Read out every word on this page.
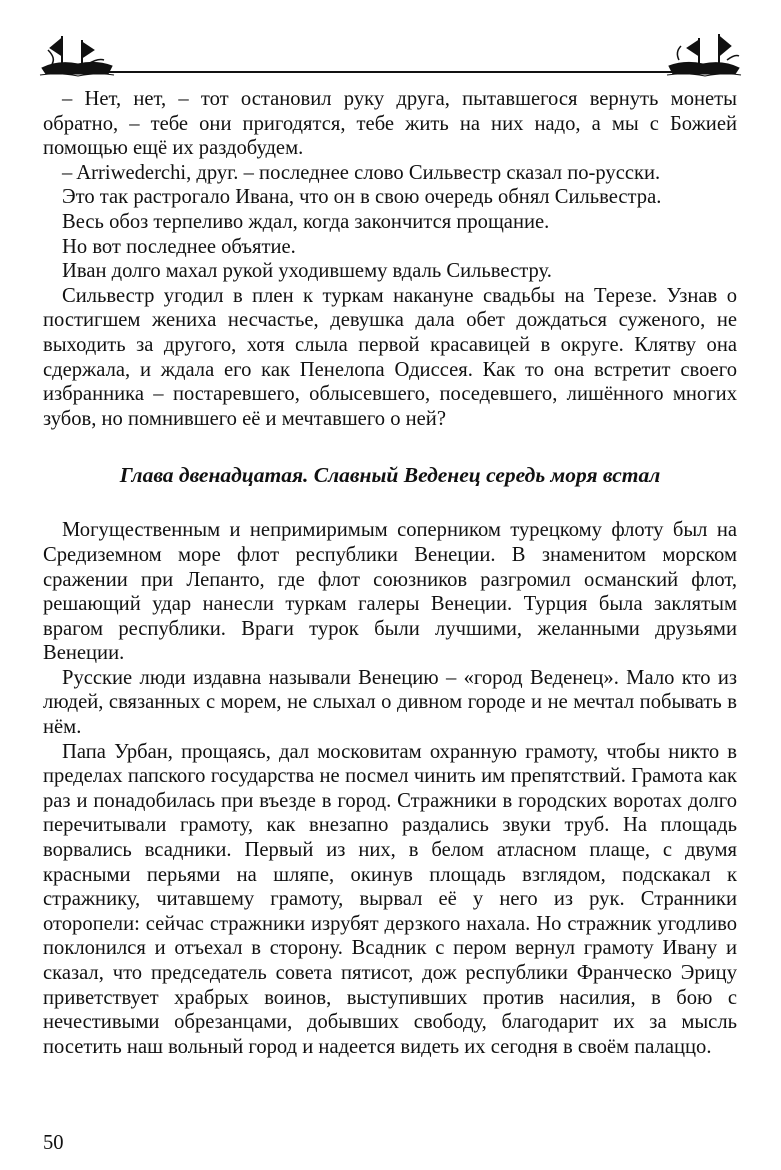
– Нет, нет, – тот остановил руку друга, пытавшегося вернуть монеты обратно, – тебе они пригодятся, тебе жить на них надо, а мы с Божией помощью ещё их раздобудем.

– Arriwederchi, друг. – последнее слово Сильвестр сказал по-русски.

Это так растрогало Ивана, что он в свою очередь обнял Сильвестра.

Весь обоз терпеливо ждал, когда закончится прощание.

Но вот последнее объятие.

Иван долго махал рукой уходившему вдаль Сильвестру.

Сильвестр угодил в плен к туркам накануне свадьбы на Терезе. Узнав о постигшем жениха несчастье, девушка дала обет дождаться суженого, не выходить за другого, хотя слыла первой красавицей в округе. Клятву она сдержала, и ждала его как Пенелопа Одиссея. Как то она встретит своего избранника – постаревшего, облысевшего, поседевшего, лишённого многих зубов, но помнившего её и мечтавшего о ней?

Глава двенадцатая. Славный Веденец середь моря встал

Могущественным и непримиримым соперником турецкому флоту был на Средиземном море флот республики Венеции. В знаменитом морском сражении при Лепанто, где флот союзников разгромил османский флот, решающий удар нанесли туркам галеры Венеции. Турция была заклятым врагом республики. Враги турок были лучшими, желанными друзьями Венеции.

Русские люди издавна называли Венецию – «город Веденец». Мало кто из людей, связанных с морем, не слыхал о дивном городе и не мечтал побывать в нём.

Папа Урбан, прощаясь, дал московитам охранную грамоту, чтобы никто в пределах папского государства не посмел чинить им препятствий. Грамота как раз и понадобилась при въезде в город. Стражники в городских воротах долго перечитывали грамоту, как внезапно раздались звуки труб. На площадь ворвались всадники. Первый из них, в белом атласном плаще, с двумя красными перьями на шляпе, окинув площадь взглядом, подскакал к стражнику, читавшему грамоту, вырвал её у него из рук. Странники оторопели: сейчас стражники изрубят дерзкого нахала. Но стражник угодливо поклонился и отъехал в сторону. Всадник с пером вернул грамоту Ивану и сказал, что председатель совета пятисот, дож республики Франческо Эрицу приветствует храбрых воинов, выступивших против насилия, в бою с нечестивыми обрезанцами, добывших свободу, благодарит их за мысль посетить наш вольный город и надеется видеть их сегодня в своём палаццо.

50
